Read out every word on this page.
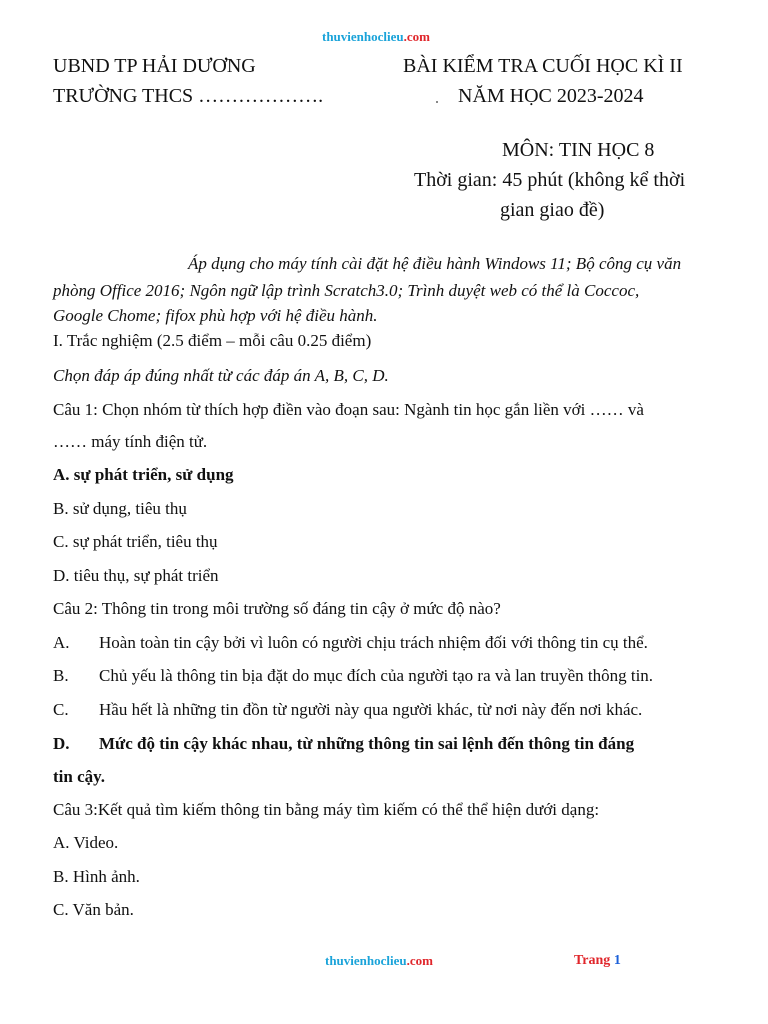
thuvienhoclieu.com
UBND TP HẢI DƯƠNG
TRƯỜNG THCS ……………….
BÀI KIỂM TRA CUỐI HỌC KÌ II
NĂM HỌC 2023-2024
MÔN: TIN HỌC 8
Thời gian: 45 phút (không kể thời
gian giao đề)
Áp dụng cho máy tính cài đặt hệ điều hành Windows 11; Bộ công cụ văn
phòng Office 2016; Ngôn ngữ lập trình Scratch3.0; Trình duyệt web có thể là Coccoc,
Google Chome; fifox phù hợp với hệ điều hành.
I. Trắc nghiệm (2.5 điểm – mỗi câu 0.25 điểm)
Chọn đáp áp đúng nhất từ các đáp án A, B, C, D.
Câu 1: Chọn nhóm từ thích hợp điền vào đoạn sau: Ngành tin học gắn liền với …… và
…… máy tính điện tử.
A. sự phát triển, sử dụng
B. sử dụng, tiêu thụ
C. sự phát triển, tiêu thụ
D. tiêu thụ, sự phát triển
Câu 2: Thông tin trong môi trường số đáng tin cậy ở mức độ nào?
A. Hoàn toàn tin cậy bởi vì luôn có người chịu trách nhiệm đối với thông tin cụ thể.
B. Chủ yếu là thông tin bịa đặt do mục đích của người tạo ra và lan truyền thông tin.
C. Hầu hết là những tin đồn từ người này qua người khác, từ nơi này đến nơi khác.
D. Mức độ tin cậy khác nhau, từ những thông tin sai lệnh đến thông tin đáng
tin cậy.
Câu 3:Kết quả tìm kiếm thông tin bằng máy tìm kiếm có thể thể hiện dưới dạng:
A. Video.
B. Hình ảnh.
C. Văn bản.
thuvienhoclieu.com	Trang 1
